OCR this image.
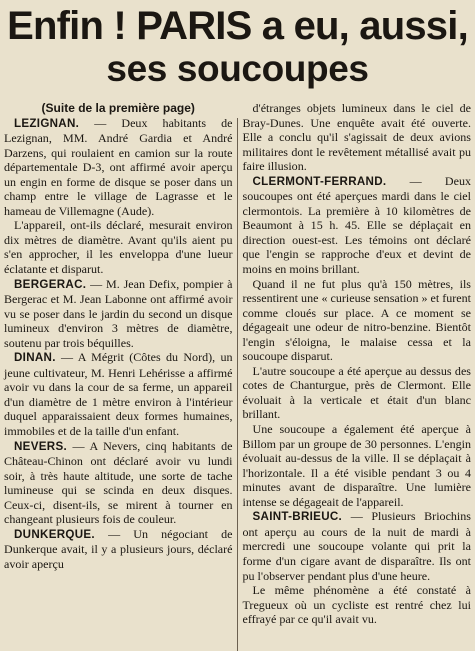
Enfin ! PARIS a eu, aussi,
ses soucoupes

(Suite de la première page)

LEZIGNAN. — Deux habitants de Lezignan, MM. André Gardia et André Darzens, qui roulaient en camion sur la route départementale D-3, ont affirmé avoir aperçu un engin en forme de disque se poser dans un champ entre le village de Lagrasse et le hameau de Villemagne (Aude).

L'appareil, ont-ils déclaré, mesurait environ dix mètres de diamètre. Avant qu'ils aient pu s'en approcher, il les enveloppa d'une lueur éclatante et disparut.

BERGERAC. — M. Jean Defix, pompier à Bergerac et M. Jean Labonne ont affirmé avoir vu se poser dans le jardin du second un disque lumineux d'environ 3 mètres de diamètre, soutenu par trois béquilles.

DINAN. — A Mégrit (Côtes du Nord), un jeune cultivateur, M. Henri Lehérisse a affirmé avoir vu dans la cour de sa ferme, un appareil d'un diamètre de 1 mètre environ à l'intérieur duquel apparaissaient deux formes humaines, immobiles et de la taille d'un enfant.

NEVERS. — A Nevers, cinq habitants de Château-Chinon ont déclaré avoir vu lundi soir, à très haute altitude, une sorte de tache lumineuse qui se scinda en deux disques. Ceux-ci, disent-ils, se mirent à tourner en changeant plusieurs fois de couleur.

DUNKERQUE. — Un négociant de Dunkerque avait, il y a plusieurs jours, déclaré avoir aperçu

d'étranges objets lumineux dans le ciel de Bray-Dunes. Une enquête avait été ouverte. Elle a conclu qu'il s'agissait de deux avions militaires dont le revêtement métallisé avait pu faire illusion.

CLERMONT-FERRAND. — Deux soucoupes ont été aperçues mardi dans le ciel clermontois. La première à 10 kilomètres de Beaumont à 15 h. 45. Elle se déplaçait en direction ouest-est. Les témoins ont déclaré que l'engin se rapproche d'eux et devint de moins en moins brillant.

Quand il ne fut plus qu'à 150 mètres, ils ressentirent une « curieuse sensation » et furent comme cloués sur place. A ce moment se dégageait une odeur de nitro-benzine. Bientôt l'engin s'éloigna, le malaise cessa et la soucoupe disparut.

L'autre soucoupe a été aperçue au dessus des cotes de Chanturgue, près de Clermont. Elle évoluait à la verticale et était d'un blanc brillant.

Une soucoupe a également été aperçue à Billom par un groupe de 30 personnes. L'engin évoluait au-dessus de la ville. Il se déplaçait à l'horizontale. Il a été visible pendant 3 ou 4 minutes avant de disparaître. Une lumière intense se dégageait de l'appareil.

SAINT-BRIEUC. — Plusieurs Briochins ont aperçu au cours de la nuit de mardi à mercredi une soucoupe volante qui prit la forme d'un cigare avant de disparaître. Ils ont pu l'observer pendant plus d'une heure.

Le même phénomène a été constaté à Tregueux où un cycliste est rentré chez lui effrayé par ce qu'il avait vu.
